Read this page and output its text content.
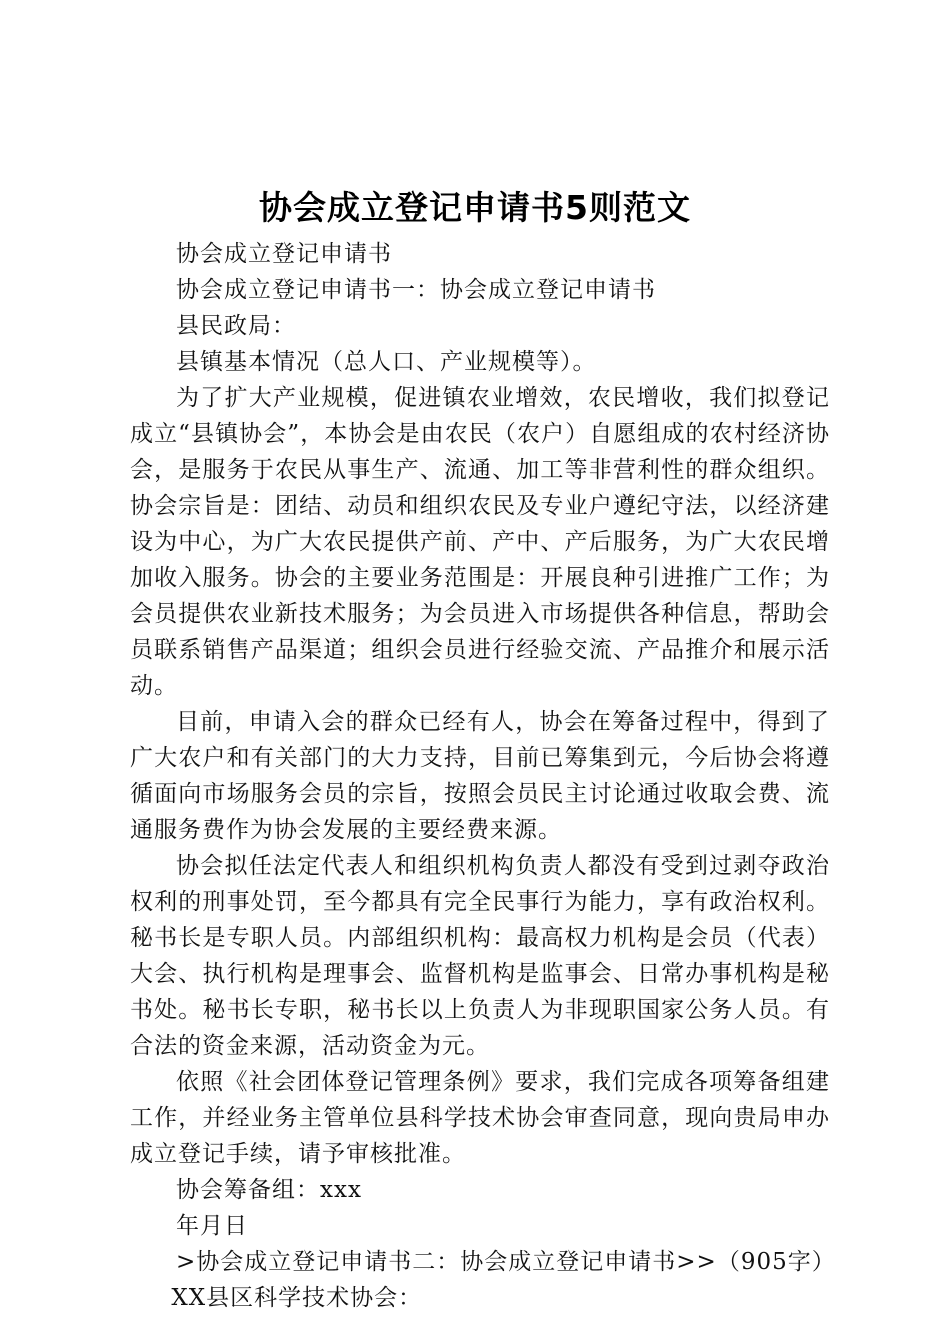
协会成立登记申请书5则范文

协会成立登记申请书

协会成立登记申请书一：协会成立登记申请书

县民政局：

县镇基本情况（总人口、产业规模等）。

为了扩大产业规模，促进镇农业增效，农民增收，我们拟登记成立“县镇协会”，本协会是由农民（农户）自愿组成的农村经济协会，是服务于农民从事生产、流通、加工等非营利性的群众组织。协会宗旨是：团结、动员和组织农民及专业户遵纪守法，以经济建设为中心，为广大农民提供产前、产中、产后服务，为广大农民增加收入服务。协会的主要业务范围是：开展良种引进推广工作；为会员提供农业新技术服务；为会员进入市场提供各种信息，帮助会员联系销售产品渠道；组织会员进行经验交流、产品推介和展示活动。

目前，申请入会的群众已经有人，协会在筹备过程中，得到了广大农户和有关部门的大力支持，目前已筹集到元，今后协会将遵循面向市场服务会员的宗旨，按照会员民主讨论通过收取会费、流通服务费作为协会发展的主要经费来源。

协会拟任法定代表人和组织机构负责人都没有受到过剥夺政治权利的刑事处罚，至今都具有完全民事行为能力，享有政治权利。秘书长是专职人员。内部组织机构：最高权力机构是会员（代表）大会、执行机构是理事会、监督机构是监事会、日常办事机构是秘书处。秘书长专职，秘书长以上负责人为非现职国家公务人员。有合法的资金来源，活动资金为元。

依照《社会团体登记管理条例》要求，我们完成各项筹备组建工作，并经业务主管单位县科学技术协会审查同意，现向贵局申办成立登记手续，请予审核批准。

协会筹备组：xxx

年月日

>协会成立登记申请书二：协会成立登记申请书>>（905字）

XX县区科学技术协会：
